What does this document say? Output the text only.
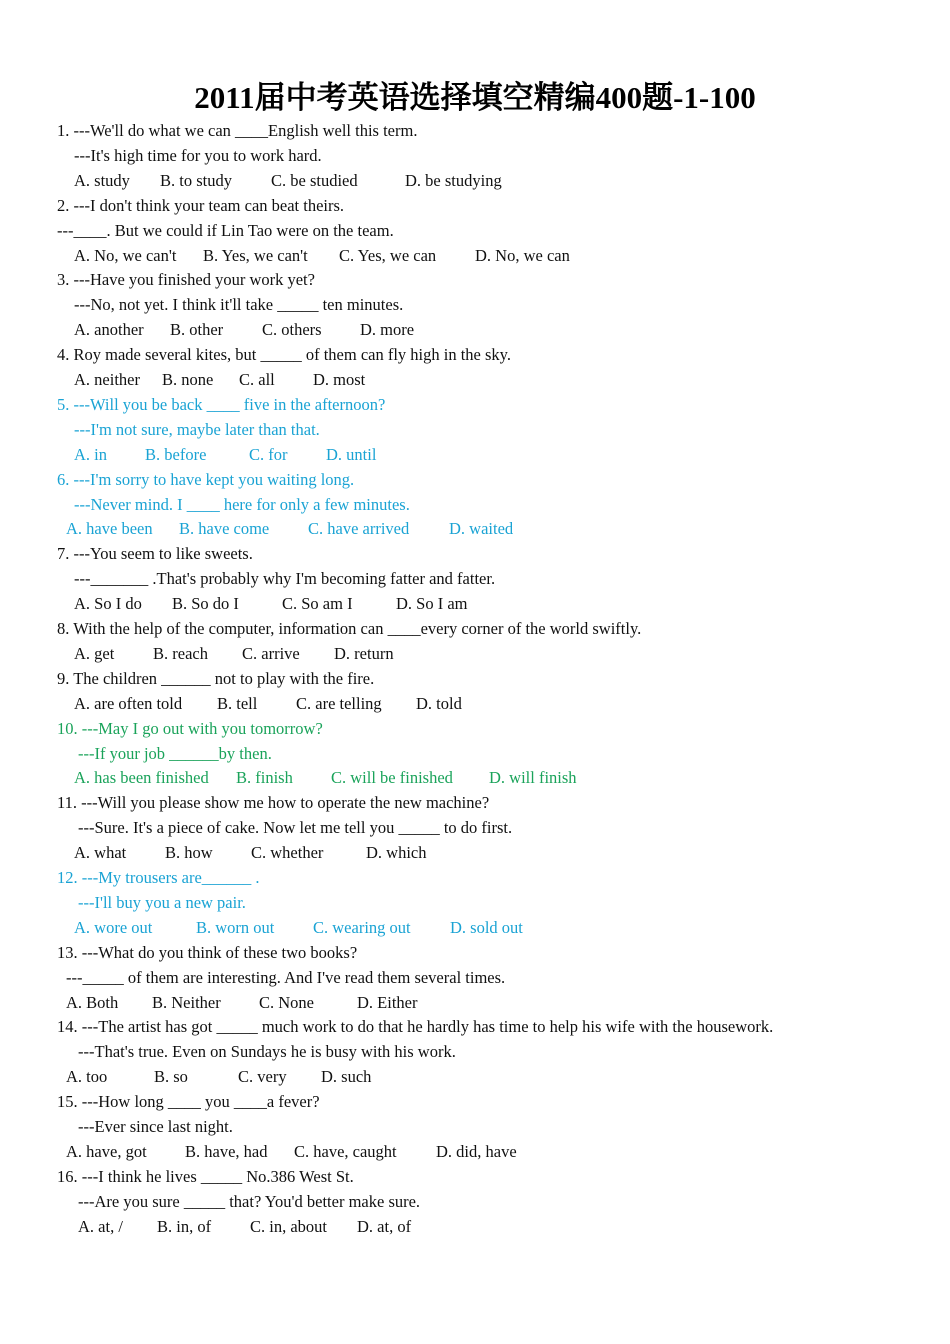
2011届中考英语选择填空精编400题-1-100
1. ---We'll do what we can ____English well this term.
---It's high time for you to work hard.
A. study B. to study C. be studied	D. be studying
2. ---I don't think your team can beat theirs.
---____. But we could if Lin Tao were on the team.
A. No, we can't B. Yes, we can't C. Yes, we can D. No, we can
3. ---Have you finished your work yet?
---No, not yet. I think it'll take _____ ten minutes.
A. another B. other C. others D. more
4. Roy made several kites, but _____ of them can fly high in the sky.
A. neither B. none C. all D. most
5. ---Will you be back ____ five in the afternoon?
---I'm not sure, maybe later than that.
A. in B. before	C. for D. until
6. ---I'm sorry to have kept you waiting long.
---Never mind. I ____ here for only a few minutes.
A. have been B. have come C. have arrived D. waited
7. ---You seem to like sweets.
---_______ .That's probably why I'm becoming fatter and fatter.
A. So I do B. So do I	C. So am I	D. So I am
8. With the help of the computer, information can ____every corner of the world swiftly.
A. get B. reach C. arrive D. return
9. The children ______ not to play with the fire.
A. are often told B. tell C. are telling D. told
10. ---May I go out with you tomorrow?
---If your job ______by then.
A. has been finished B. finish C. will be finished D. will finish
11. ---Will you please show me how to operate the new machine?
---Sure. It's a piece of cake. Now let me tell you _____ to do first.
A. what B. how C. whether	D. which
12. ---My trousers are______ .
---I'll buy you a new pair.
A. wore out	B. worn out C. wearing out D. sold out
13. ---What do you think of these two books?
---_____ of them are interesting. And I've read them several times.
A. Both B. Neither C. None	D. Either
14. ---The artist has got _____ much work to do that he hardly has time to help his wife with the housework.
---That's true. Even on Sundays he is busy with his work.
A. too	B. so	C. very D. such
15. ---How long ____ you ____a fever?
---Ever since last night.
A. have, got B. have, had C. have, caught D. did, have
16. ---I think he lives _____ No.386 West St.
---Are you sure _____ that? You'd better make sure.
A. at, / B. in, of C. in, about D. at, of
